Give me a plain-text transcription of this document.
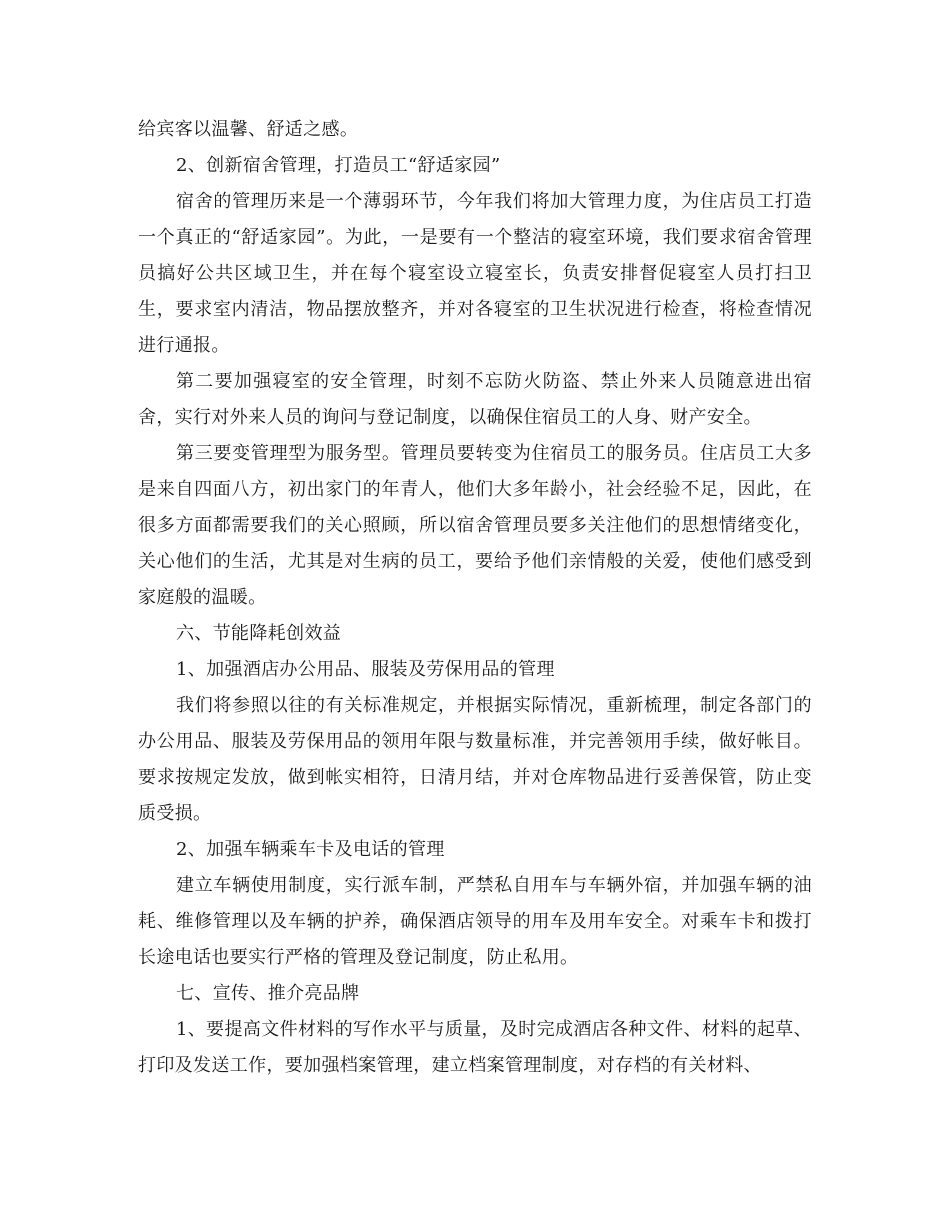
给宾客以温馨、舒适之感。

2、创新宿舍管理，打造员工“舒适家园”

宿舍的管理历来是一个薄弱环节，今年我们将加大管理力度，为住店员工打造一个真正的“舒适家园”。为此，一是要有一个整洁的寝室环境，我们要求宿舍管理员搞好公共区域卫生，并在每个寝室设立寝室长，负责安排督促寝室人员打扫卫生，要求室内清洁，物品摆放整齐，并对各寝室的卫生状况进行检查，将检查情况进行通报。

第二要加强寝室的安全管理，时刻不忘防火防盗、禁止外来人员随意进出宿舍，实行对外来人员的询问与登记制度，以确保住宿员工的人身、财产安全。

第三要变管理型为服务型。管理员要转变为住宿员工的服务员。住店员工大多是来自四面八方，初出家门的年青人，他们大多年龄小，社会经验不足，因此，在很多方面都需要我们的关心照顾，所以宿舍管理员要多关注他们的思想情绪变化，关心他们的生活，尤其是对生病的员工，要给予他们亲情般的关爱，使他们感受到家庭般的温暖。

六、节能降耗创效益

1、加强酒店办公用品、服装及劳保用品的管理

我们将参照以往的有关标准规定，并根据实际情况，重新梳理，制定各部门的办公用品、服装及劳保用品的领用年限与数量标准，并完善领用手续，做好帐目。要求按规定发放，做到帐实相符，日清月结，并对仓库物品进行妥善保管，防止变质受损。

2、加强车辆乘车卡及电话的管理

建立车辆使用制度，实行派车制，严禁私自用车与车辆外宿，并加强车辆的油耗、维修管理以及车辆的护养，确保酒店领导的用车及用车安全。对乘车卡和拨打长途电话也要实行严格的管理及登记制度，防止私用。

七、宣传、推介亮品牌

1、要提高文件材料的写作水平与质量，及时完成酒店各种文件、材料的起草、打印及发送工作，要加强档案管理，建立档案管理制度，对存档的有关材料、
